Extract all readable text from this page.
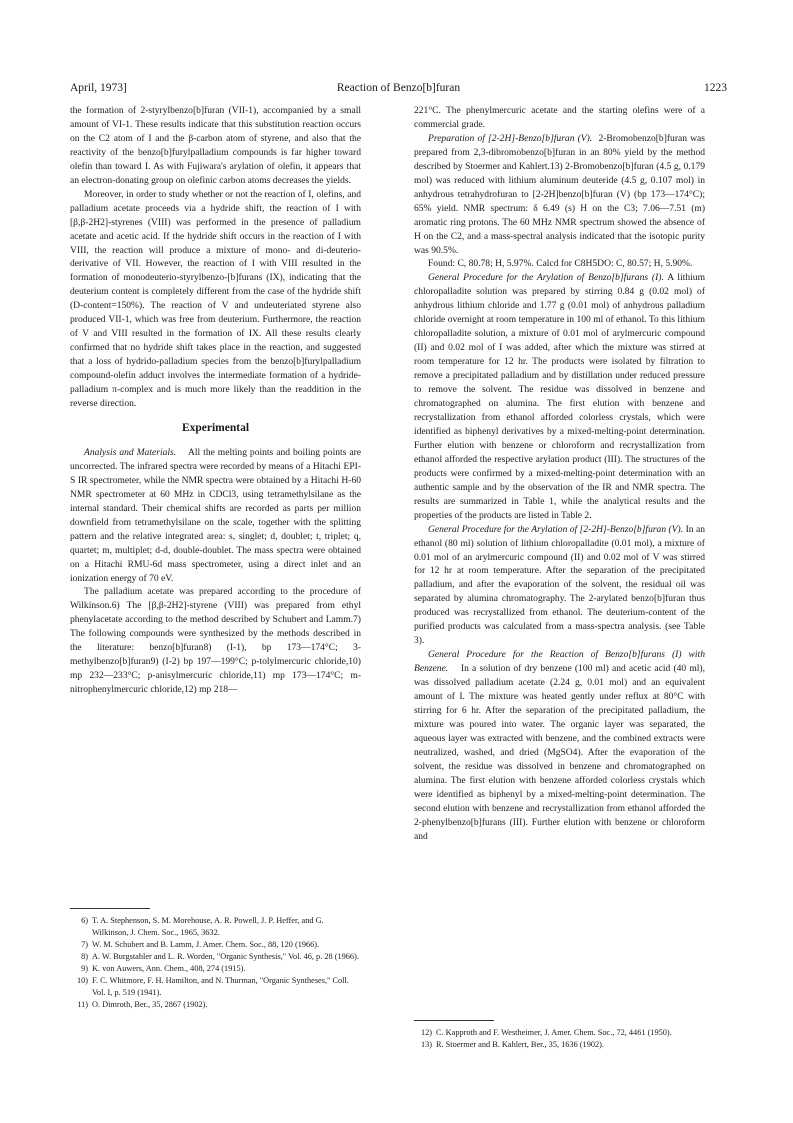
April, 1973]	Reaction of Benzo[b]furan	1223

the formation of 2-styrylbenzo[b]furan (VII-1), accompanied by a small amount of VI-1. These results indicate that this substitution reaction occurs on the C2 atom of I and the β-carbon atom of styrene, and also that the reactivity of the benzo[b]furylpalladium compounds is far higher toward olefin than toward I. As with Fujiwara's arylation of olefin, it appears that an electron-donating group on olefinic carbon atoms decreases the yields.

Moreover, in order to study whether or not the reaction of I, olefins, and palladium acetate proceeds via a hydride shift, the reaction of I with [β,β-2H2]-styrenes (VIII) was performed in the presence of palladium acetate and acetic acid. If the hydride shift occurs in the reaction of I with VIII, the reaction will produce a mixture of mono- and di-deuterio-derivative of VII. However, the reaction of I with VIII resulted in the formation of monodeuterio-styrylbenzo-[b]furans (IX), indicating that the deuterium content is completely different from the case of the hydride shift (D-content=150%). The reaction of V and undeuteriated styrene also produced VII-1, which was free from deuterium. Furthermore, the reaction of V and VIII resulted in the formation of IX. All these results clearly confirmed that no hydride shift takes place in the reaction, and suggested that a loss of hydrido-palladium species from the benzo[b]furylpalladium compound-olefin adduct involves the intermediate formation of a hydride-palladium π-complex and is much more likely than the readdition in the reverse direction.

Experimental

Analysis and Materials. All the melting points and boiling points are uncorrected. The infrared spectra were recorded by means of a Hitachi EPI-S IR spectrometer, while the NMR spectra were obtained by a Hitachi H-60 NMR spectrometer at 60 MHz in CDCl3, using tetramethylsilane as the internal standard. Their chemical shifts are recorded as parts per million downfield from tetramethylsilane on the scale, together with the splitting pattern and the relative integrated area: s, singlet; d, doublet; t, triplet; q, quartet; m, multiplet; d-d, double-doublet. The mass spectra were obtained on a Hitachi RMU-6d mass spectrometer, using a direct inlet and an ionization energy of 70 eV.

The palladium acetate was prepared according to the procedure of Wilkinson.6) The [β,β-2H2]-styrene (VIII) was prepared from ethyl phenylacetate according to the method described by Schubert and Lamm.7) The following compounds were synthesized by the methods described in the literature: benzo[b]furan8) (I-1), bp 173—174°C; 3-methylbenzo[b]furan9) (I-2) bp 197—199°C; p-tolylmercuric chloride,10) mp 232—233°C; p-anisylmercuric chloride,11) mp 173—174°C; m-nitrophenylmercuric chloride,12) mp 218—

6) T. A. Stephenson, S. M. Morehouse, A. R. Powell, J. P. Heffer, and G. Wilkinson, J. Chem. Soc., 1965, 3632.
7) W. M. Schubert and B. Lamm, J. Amer. Chem. Soc., 88, 120 (1966).
8) A. W. Burgstahler and L. R. Worden, "Organic Synthesis," Vol. 46, p. 28 (1966).
9) K. von Auwers, Ann. Chem., 408, 274 (1915).
10) F. C. Whitmore, F. H. Hamilton, and N. Thurman, "Organic Syntheses," Coll. Vol. I, p. 519 (1941).
11) O. Dimroth, Ber., 35, 2867 (1902).

221°C. The phenylmercuric acetate and the starting olefins were of a commercial grade.

Preparation of [2-2H]-Benzo[b]furan (V). 2-Bromobenzo[b]furan was prepared from 2,3-dibromobenzo[b]furan in an 80% yield by the method described by Stoermer and Kahlert.13) 2-Bromobenzo[b]furan (4.5 g, 0.179 mol) was reduced with lithium aluminum deuteride (4.5 g, 0.107 mol) in anhydrous tetrahydrofuran to [2-2H]benzo[b]furan (V) (bp 173—174°C); 65% yield. NMR spectrum: δ 6.49 (s) H on the C3; 7.06—7.51 (m) aromatic ring protons. The 60 MHz NMR spectrum showed the absence of H on the C2, and a mass-spectral analysis indicated that the isotopic purity was 90.5%.

Found: C, 80.78; H, 5.97%. Calcd for C8H5DO: C, 80.57; H, 5.90%.

General Procedure for the Arylation of Benzo[b]furans (I). A lithium chloropalladite solution was prepared by stirring 0.84 g (0.02 mol) of anhydrous lithium chloride and 1.77 g (0.01 mol) of anhydrous palladium chloride overnight at room temperature in 100 ml of ethanol. To this lithium chloropalladite solution, a mixture of 0.01 mol of arylmercuric compound (II) and 0.02 mol of I was added, after which the mixture was stirred at room temperature for 12 hr. The products were isolated by filtration to remove a precipitated palladium and by distillation under reduced pressure to remove the solvent. The residue was dissolved in benzene and chromatographed on alumina. The first elution with benzene and recrystallization from ethanol afforded colorless crystals, which were identified as biphenyl derivatives by a mixed-melting-point determination. Further elution with benzene or chloroform and recrystallization from ethanol afforded the respective arylation product (III). The structures of the products were confirmed by a mixed-melting-point determination with an authentic sample and by the observation of the IR and NMR spectra. The results are summarized in Table 1, while the analytical results and the properties of the products are listed in Table 2.

General Procedure for the Arylation of [2-2H]-Benzo[b]furan (V). In an ethanol (80 ml) solution of lithium chloropalladite (0.01 mol), a mixture of 0.01 mol of an arylmercuric compound (II) and 0.02 mol of V was stirred for 12 hr at room temperature. After the separation of the precipitated palladium, and after the evaporation of the solvent, the residual oil was separated by alumina chromatography. The 2-arylated benzo[b]furan thus produced was recrystallized from ethanol. The deuterium-content of the purified products was calculated from a mass-spectra analysis. (see Table 3).

General Procedure for the Reaction of Benzo[b]furans (I) with Benzene. In a solution of dry benzene (100 ml) and acetic acid (40 ml), was dissolved palladium acetate (2.24 g, 0.01 mol) and an equivalent amount of I. The mixture was heated gently under reflux at 80°C with stirring for 6 hr. After the separation of the precipitated palladium, the mixture was poured into water. The organic layer was separated, the aqueous layer was extracted with benzene, and the combined extracts were neutralized, washed, and dried (MgSO4). After the evaporation of the solvent, the residue was dissolved in benzene and chromatographed on alumina. The first elution with benzene afforded colorless crystals which were identified as biphenyl by a mixed-melting-point determination. The second elution with benzene and recrystallization from ethanol afforded the 2-phenylbenzo[b]furans (III). Further elution with benzene or chloroform and

12) C. Kapproth and F. Westheimer, J. Amer. Chem. Soc., 72, 4461 (1950).
13) R. Stoermer and B. Kahlert, Ber., 35, 1636 (1902).
